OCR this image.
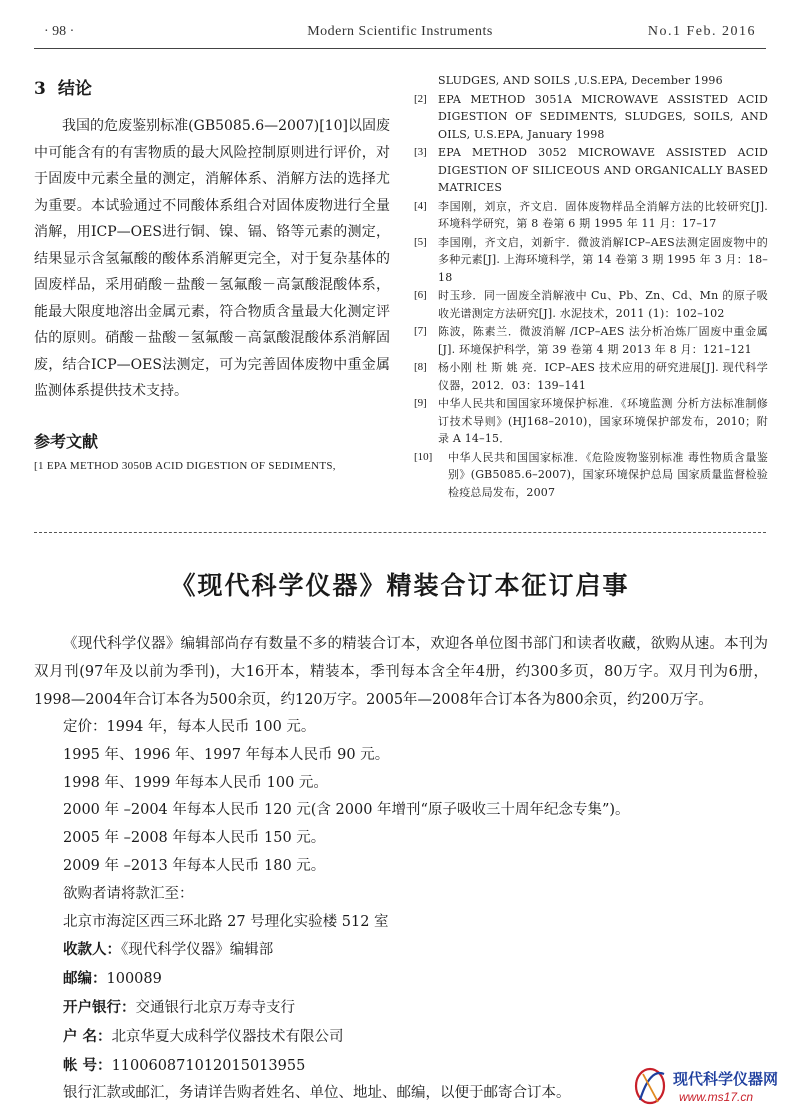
· 98 ·	Modern Scientific Instruments	No.1 Feb. 2016
3 结论

我国的危废鉴别标准(GB5085.6—2007)[10]以固废中可能含有的有害物质的最大风险控制原则进行评价，对于固废中元素全量的测定，消解体系、消解方法的选择尤为重要。本试验通过不同酸体系组合对固体废物进行全量消解，用ICP—OES进行铜、镍、镉、铬等元素的测定，结果显示含氢氟酸的酸体系消解更完全，对于复杂基体的固废样品，采用硝酸－盐酸－氢氟酸－高氯酸混酸体系，能最大限度地溶出金属元素，符合物质含量最大化测定评估的原则。硝酸－盐酸－氢氟酸－高氯酸混酸体系消解固废，结合ICP—OES法测定，可为完善固体废物中重金属监测体系提供技术支持。

参考文献
[1 EPA METHOD 3050B ACID DIGESTION OF SEDIMENTS,
SLUDGES, AND SOILS ,U.S.EPA, December 1996
[2]	EPA METHOD 3051A MICROWAVE ASSISTED ACID DIGESTION OF SEDIMENTS, SLUDGES, SOILS, AND OILS, U.S.EPA, January 1998
[3]	EPA METHOD 3052 MICROWAVE ASSISTED ACID DIGESTION OF SILICEOUS AND ORGANICALLY BASED MATRICES
[4]	李国刚，刘京，齐文启．固体废物样品全消解方法的比较研究[J]. 环境科学研究，第 8 卷第 6 期 1995 年 11 月：17–17
[5]	李国刚，齐文启，刘新宇．微波消解ICP–AES法测定固废物中的多种元素[J]. 上海环境科学，第 14 卷第 3 期 1995 年 3 月：18–18
[6]	时玉珍．同一固废全消解液中 Cu、Pb、Zn、Cd、Mn 的原子吸收光谱测定方法研究[J]. 水泥技术，2011 (1)：102–102
[7]	陈波，陈素兰．微波消解 /ICP–AES 法分析冶炼厂固废中重金属[J]. 环境保护科学，第 39 卷第 4 期 2013 年 8 月：121–121
[8]	杨小刚 杜 斯 姚 亮．ICP–AES 技术应用的研究进展[J]. 现代科学仪器，2012．03：139–141
[9]	中华人民共和国国家环境保护标准．《环境监测 分析方法标准制修订技术导则》(HJ168–2010)，国家环境保护部发布，2010；附录 A 14–15．
[10]	中华人民共和国国家标准．《危险废物鉴别标准 毒性物质含量鉴别》(GB5085.6–2007)，国家环境保护总局 国家质量监督检验检疫总局发布，2007
《现代科学仪器》精装合订本征订启事

《现代科学仪器》编辑部尚存有数量不多的精装合订本，欢迎各单位图书部门和读者收藏，欲购从速。本刊为双月刊(97年及以前为季刊)，大16开本，精装本，季刊每本含全年4册，约300多页，80万字。双月刊为6册，1998—2004年合订本各为500余页，约120万字。2005年—2008年合订本各为800余页，约200万字。

定价：1994 年，每本人民币 100 元。
1995 年、1996 年、1997 年每本人民币 90 元。
1998 年、1999 年每本人民币 100 元。
2000 年 –2004 年每本人民币 120 元(含 2000 年增刊“原子吸收三十周年纪念专集”)。
2005 年 –2008 年每本人民币 150 元。
2009 年 –2013 年每本人民币 180 元。
欲购者请将款汇至：
北京市海淀区西三环北路 27 号理化实验楼 512 室
收款人：《现代科学仪器》编辑部
邮编：100089
开户银行：交通银行北京万寿寺支行
户 名：北京华夏大成科学仪器技术有限公司
帐 号：110060871012015013955
银行汇款或邮汇，务请详告购者姓名、单位、地址、邮编，以便于邮寄合订本。
现代科学仪器网
www.ms17.cn
